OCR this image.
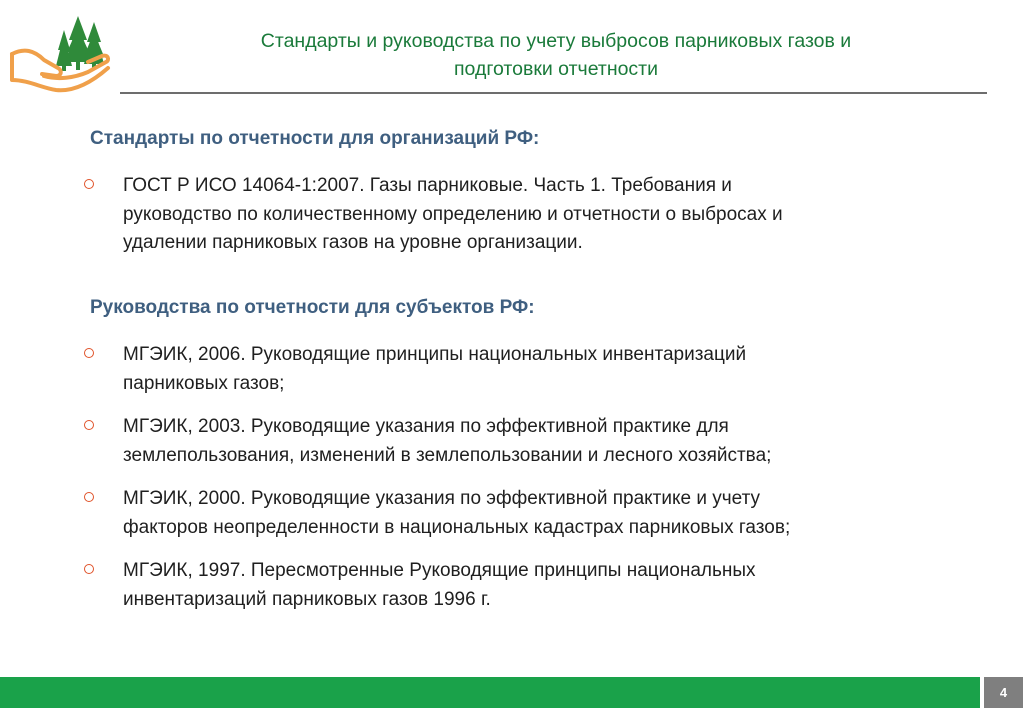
Стандарты и руководства по учету выбросов парниковых газов и
подготовки отчетности
Стандарты по отчетности для организаций РФ:
ГОСТ Р ИСО 14064-1:2007. Газы парниковые. Часть 1. Требования и
руководство по количественному определению и отчетности о выбросах и
удалении парниковых газов на уровне организации.
Руководства по отчетности для субъектов РФ:
МГЭИК, 2006. Руководящие принципы национальных инвентаризаций
парниковых газов;
МГЭИК, 2003. Руководящие указания по эффективной практике для
землепользования, изменений в землепользовании и лесного хозяйства;
МГЭИК, 2000. Руководящие указания по эффективной практике и учету
факторов неопределенности в национальных кадастрах парниковых газов;
МГЭИК, 1997. Пересмотренные Руководящие принципы национальных
инвентаризаций парниковых газов 1996 г.
4
